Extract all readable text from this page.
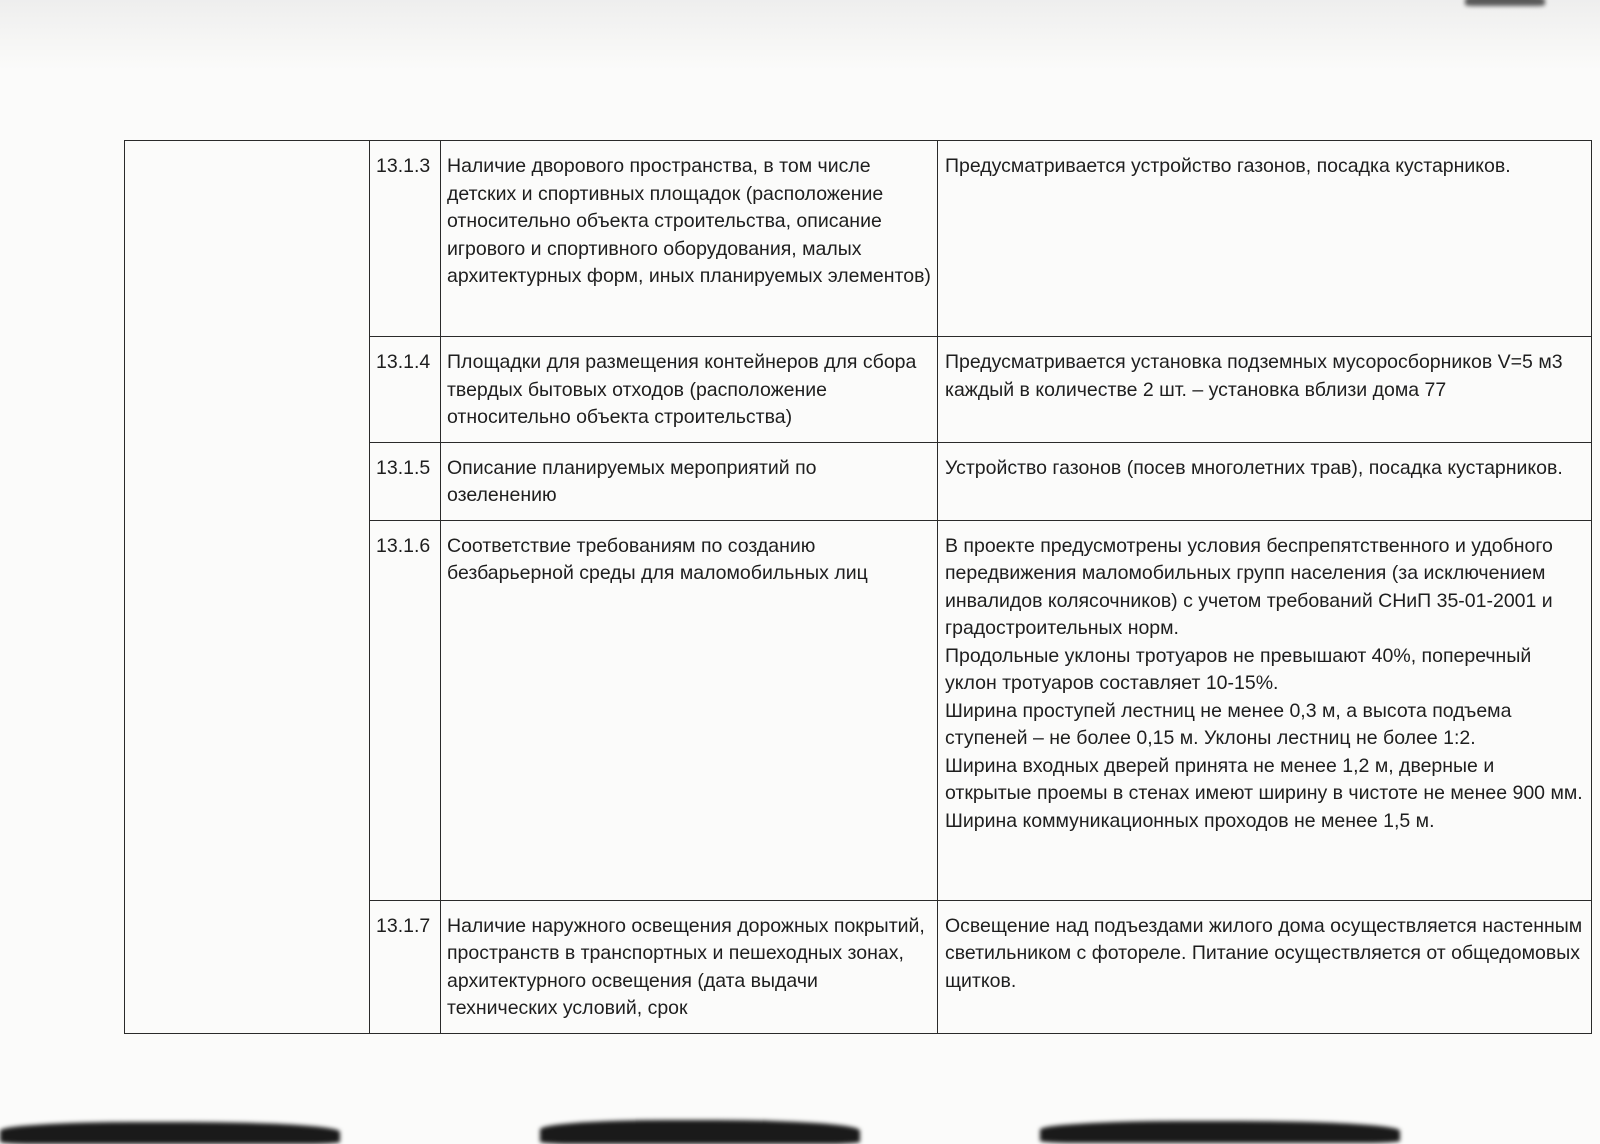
	13.1.3	Наличие дворового пространства, в том числе детских и спортивных площадок (расположение относительно объекта строительства, описание игрового и спортивного оборудования, малых архитектурных форм, иных планируемых элементов)	Предусматривается устройство газонов, посадка кустарников.

	13.1.4	Площадки для размещения контейнеров для сбора твердых бытовых отходов (расположение относительно объекта строительства)	Предусматривается установка подземных мусоросборников V=5 м3 каждый в количестве 2 шт. – установка вблизи дома 77

	13.1.5	Описание планируемых мероприятий по озеленению	Устройство газонов (посев многолетних трав), посадка кустарников.

	13.1.6	Соответствие требованиям по созданию безбарьерной среды для маломобильных лиц	В проекте предусмотрены условия беспрепятственного и удобного передвижения маломобильных групп населения (за исключением инвалидов колясочников) с учетом требований СНиП 35-01-2001 и градостроительных норм.
Продольные уклоны тротуаров не превышают 40%, поперечный уклон тротуаров составляет 10-15%.
Ширина проступей лестниц не менее 0,3 м, а высота подъема ступеней – не более 0,15 м. Уклоны лестниц не более 1:2.
Ширина входных дверей принята не менее 1,2 м, дверные и открытые проемы в стенах имеют ширину в чистоте не менее 900 мм.
Ширина коммуникационных проходов не менее 1,5 м.

	13.1.7	Наличие наружного освещения дорожных покрытий, пространств в транспортных и пешеходных зонах, архитектурного освещения (дата выдачи технических условий, срок	Освещение над подъездами жилого дома осуществляется настенным светильником с фотореле. Питание осуществляется от общедомовых щитков.
